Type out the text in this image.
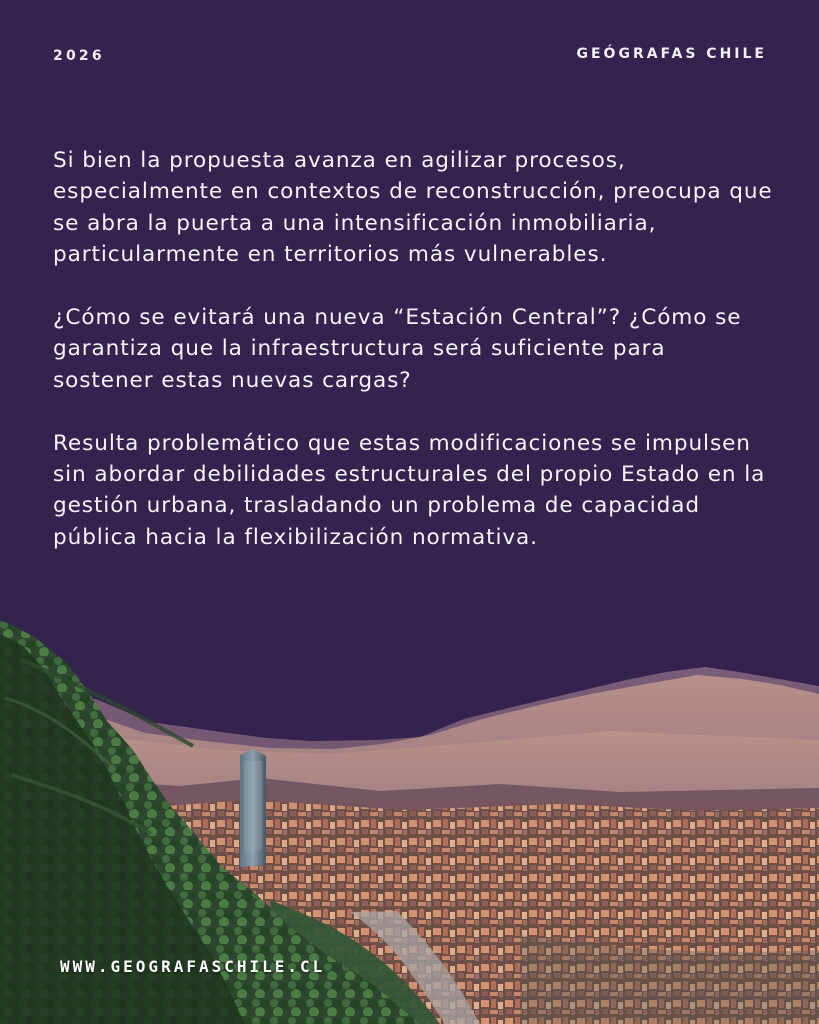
2026	GEÓGRAFAS CHILE

Si bien la propuesta avanza en agilizar procesos, especialmente en contextos de reconstrucción, preocupa que se abra la puerta a una intensificación inmobiliaria, particularmente en territorios más vulnerables.

¿Cómo se evitará una nueva “Estación Central”? ¿Cómo se garantiza que la infraestructura será suficiente para sostener estas nuevas cargas?

Resulta problemático que estas modificaciones se impulsen sin abordar debilidades estructurales del propio Estado en la gestión urbana, trasladando un problema de capacidad pública hacia la flexibilización normativa.

WWW.GEOGRAFASCHILE.CL
